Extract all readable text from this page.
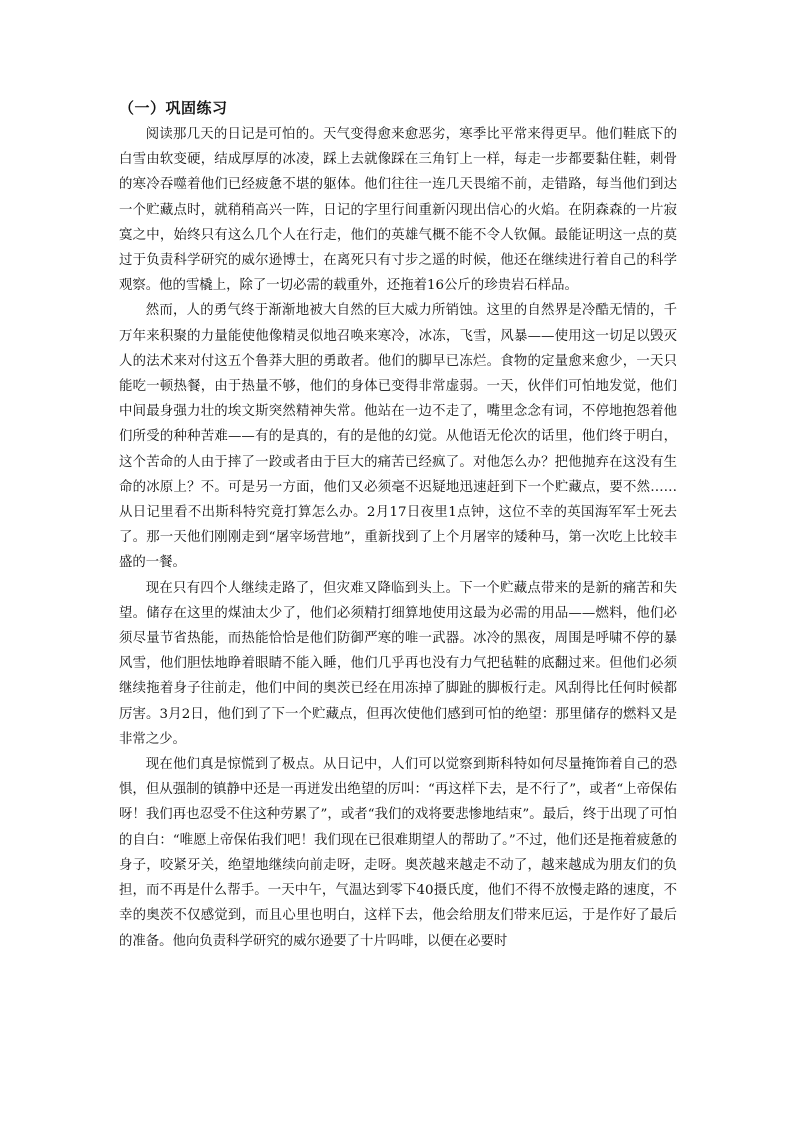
（一）巩固练习

阅读那几天的日记是可怕的。天气变得愈来愈恶劣，寒季比平常来得更早。他们鞋底下的白雪由软变硬，结成厚厚的冰凌，踩上去就像踩在三角钉上一样，每走一步都要黏住鞋，刺骨的寒冷吞噬着他们已经疲惫不堪的躯体。他们往往一连几天畏缩不前，走错路，每当他们到达一个贮藏点时，就稍稍高兴一阵，日记的字里行间重新闪现出信心的火焰。在阴森森的一片寂寞之中，始终只有这么几个人在行走，他们的英雄气概不能不令人钦佩。最能证明这一点的莫过于负责科学研究的威尔逊博士，在离死只有寸步之遥的时候，他还在继续进行着自己的科学观察。他的雪橇上，除了一切必需的载重外，还拖着16公斤的珍贵岩石样品。

然而，人的勇气终于渐渐地被大自然的巨大威力所销蚀。这里的自然界是冷酷无情的，千万年来积聚的力量能使他像精灵似地召唤来寒冷，冰冻，飞雪，风暴——使用这一切足以毁灭人的法术来对付这五个鲁莽大胆的勇敢者。他们的脚早已冻烂。食物的定量愈来愈少，一天只能吃一顿热餐，由于热量不够，他们的身体已变得非常虚弱。一天，伙伴们可怕地发觉，他们中间最身强力壮的埃文斯突然精神失常。他站在一边不走了，嘴里念念有词，不停地抱怨着他们所受的种种苦难——有的是真的，有的是他的幻觉。从他语无伦次的话里，他们终于明白，这个苦命的人由于摔了一跤或者由于巨大的痛苦已经疯了。对他怎么办？把他抛弃在这没有生命的冰原上？不。可是另一方面，他们又必须毫不迟疑地迅速赶到下一个贮藏点，要不然……从日记里看不出斯科特究竟打算怎么办。2月17日夜里1点钟，这位不幸的英国海军军士死去了。那一天他们刚刚走到“屠宰场营地”，重新找到了上个月屠宰的矮种马，第一次吃上比较丰盛的一餐。

现在只有四个人继续走路了，但灾难又降临到头上。下一个贮藏点带来的是新的痛苦和失望。储存在这里的煤油太少了，他们必须精打细算地使用这最为必需的用品——燃料，他们必须尽量节省热能，而热能恰恰是他们防御严寒的唯一武器。冰冷的黑夜，周围是呼啸不停的暴风雪，他们胆怯地睁着眼睛不能入睡，他们几乎再也没有力气把毡鞋的底翻过来。但他们必须继续拖着身子往前走，他们中间的奥茨已经在用冻掉了脚趾的脚板行走。风刮得比任何时候都厉害。3月2日，他们到了下一个贮藏点，但再次使他们感到可怕的绝望：那里储存的燃料又是非常之少。

现在他们真是惊慌到了极点。从日记中，人们可以觉察到斯科特如何尽量掩饰着自己的恐惧，但从强制的镇静中还是一再迸发出绝望的厉叫：“再这样下去，是不行了”，或者“上帝保佑呀！我们再也忍受不住这种劳累了”，或者“我们的戏将要悲惨地结束”。最后，终于出现了可怕的自白：“唯愿上帝保佑我们吧！我们现在已很难期望人的帮助了。”不过，他们还是拖着疲惫的身子，咬紧牙关，绝望地继续向前走呀，走呀。奥茨越来越走不动了，越来越成为朋友们的负担，而不再是什么帮手。一天中午，气温达到零下40摄氏度，他们不得不放慢走路的速度，不幸的奥茨不仅感觉到，而且心里也明白，这样下去，他会给朋友们带来厄运，于是作好了最后的准备。他向负责科学研究的威尔逊要了十片吗啡，以便在必要时
